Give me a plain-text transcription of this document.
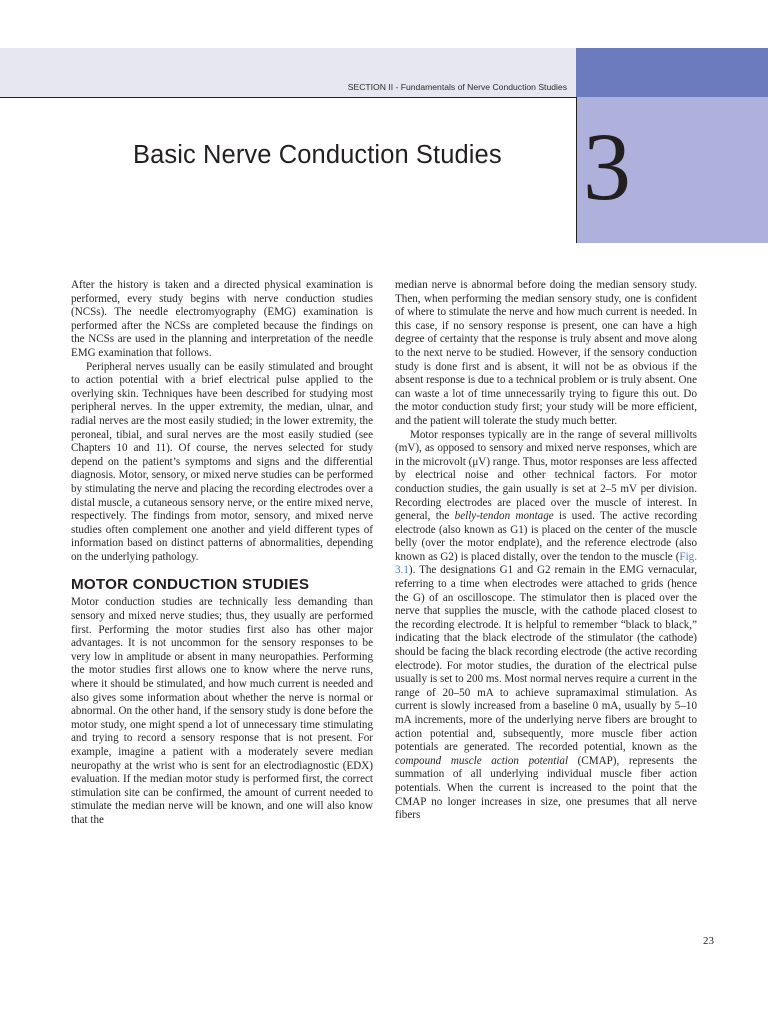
SECTION II - Fundamentals of Nerve Conduction Studies
Basic Nerve Conduction Studies 3

After the history is taken and a directed physical examination is performed, every study begins with nerve conduction studies (NCSs). The needle electromyography (EMG) examination is performed after the NCSs are completed because the findings on the NCSs are used in the planning and interpretation of the needle EMG examination that follows.

Peripheral nerves usually can be easily stimulated and brought to action potential with a brief electrical pulse applied to the overlying skin. Techniques have been described for studying most peripheral nerves. In the upper extremity, the median, ulnar, and radial nerves are the most easily studied; in the lower extremity, the peroneal, tibial, and sural nerves are the most easily studied (see Chapters 10 and 11). Of course, the nerves selected for study depend on the patient’s symptoms and signs and the differential diagnosis. Motor, sensory, or mixed nerve studies can be performed by stimulating the nerve and placing the recording electrodes over a distal muscle, a cutaneous sensory nerve, or the entire mixed nerve, respectively. The findings from motor, sensory, and mixed nerve studies often complement one another and yield different types of information based on distinct patterns of abnormalities, depending on the underlying pathology.

MOTOR CONDUCTION STUDIES

Motor conduction studies are technically less demanding than sensory and mixed nerve studies; thus, they usually are performed first. Performing the motor studies first also has other major advantages. It is not uncommon for the sensory responses to be very low in amplitude or absent in many neuropathies. Performing the motor studies first allows one to know where the nerve runs, where it should be stimulated, and how much current is needed and also gives some information about whether the nerve is normal or abnormal. On the other hand, if the sensory study is done before the motor study, one might spend a lot of unnecessary time stimulating and trying to record a sensory response that is not present. For example, imagine a patient with a moderately severe median neuropathy at the wrist who is sent for an electrodiagnostic (EDX) evaluation. If the median motor study is performed first, the correct stimulation site can be confirmed, the amount of current needed to stimulate the median nerve will be known, and one will also know that the

median nerve is abnormal before doing the median sensory study. Then, when performing the median sensory study, one is confident of where to stimulate the nerve and how much current is needed. In this case, if no sensory response is present, one can have a high degree of certainty that the response is truly absent and move along to the next nerve to be studied. However, if the sensory conduction study is done first and is absent, it will not be as obvious if the absent response is due to a technical problem or is truly absent. One can waste a lot of time unnecessarily trying to figure this out. Do the motor conduction study first; your study will be more efficient, and the patient will tolerate the study much better.

Motor responses typically are in the range of several millivolts (mV), as opposed to sensory and mixed nerve responses, which are in the microvolt (μV) range. Thus, motor responses are less affected by electrical noise and other technical factors. For motor conduction studies, the gain usually is set at 2–5 mV per division. Recording electrodes are placed over the muscle of interest. In general, the belly-tendon montage is used. The active recording electrode (also known as G1) is placed on the center of the muscle belly (over the motor endplate), and the reference electrode (also known as G2) is placed distally, over the tendon to the muscle (Fig. 3.1). The designations G1 and G2 remain in the EMG vernacular, referring to a time when electrodes were attached to grids (hence the G) of an oscilloscope. The stimulator then is placed over the nerve that supplies the muscle, with the cathode placed closest to the recording electrode. It is helpful to remember “black to black,” indicating that the black electrode of the stimulator (the cathode) should be facing the black recording electrode (the active recording electrode). For motor studies, the duration of the electrical pulse usually is set to 200 ms. Most normal nerves require a current in the range of 20–50 mA to achieve supramaximal stimulation. As current is slowly increased from a baseline 0 mA, usually by 5–10 mA increments, more of the underlying nerve fibers are brought to action potential and, subsequently, more muscle fiber action potentials are generated. The recorded potential, known as the compound muscle action potential (CMAP), represents the summation of all underlying individual muscle fiber action potentials. When the current is increased to the point that the CMAP no longer increases in size, one presumes that all nerve fibers

23
